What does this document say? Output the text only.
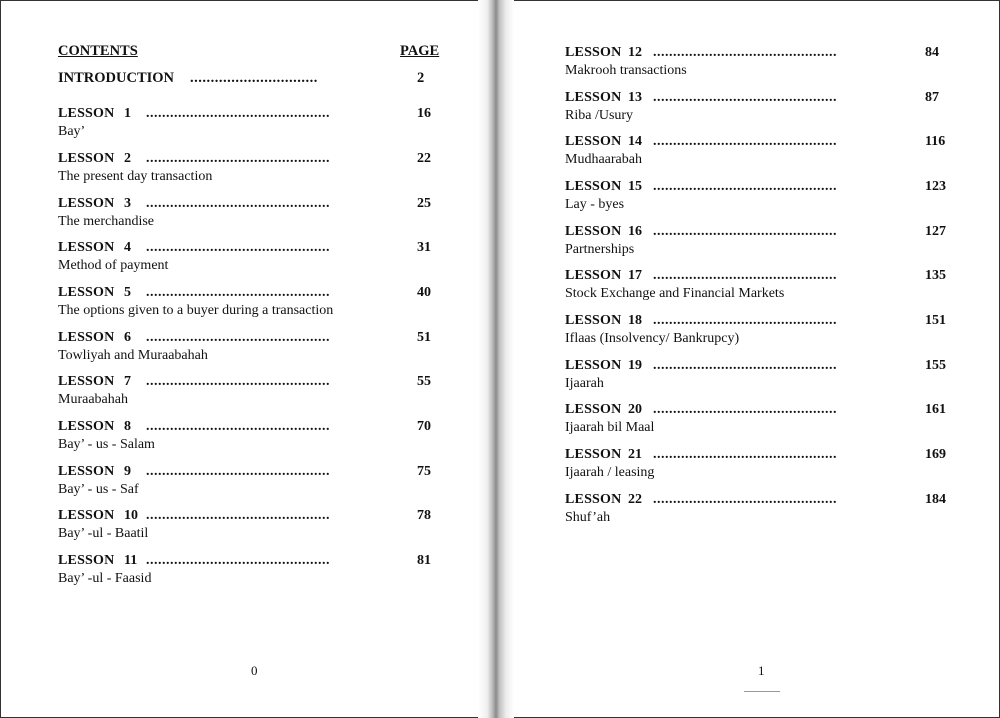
CONTENTS	PAGE
INTRODUCTION ...............................	2
LESSON 1 ..............................................	16
Bay’
LESSON 2 ..............................................	22
The present day transaction
LESSON 3 ..............................................	25
The merchandise
LESSON 4 ..............................................	31
Method of payment
LESSON 5 ..............................................	40
The options given to a buyer during a transaction
LESSON 6 ..............................................	51
Towliyah and Muraabahah
LESSON 7 ..............................................	55
Muraabahah
LESSON 8 ..............................................	70
Bay’ - us - Salam
LESSON 9 ..............................................	75
Bay’ - us - Saf
LESSON 10 ..............................................	78
Bay’ -ul - Baatil
LESSON 11 ..............................................	81
Bay’ -ul - Faasid
0
LESSON 12 ..............................................	84
Makrooh transactions
LESSON 13 ..............................................	87
Riba /Usury
LESSON 14 ..............................................	116
Mudhaarabah
LESSON 15 ..............................................	123
Lay - byes
LESSON 16 ..............................................	127
Partnerships
LESSON 17 ..............................................	135
Stock Exchange and Financial Markets
LESSON 18 ..............................................	151
Iflaas (Insolvency/ Bankrupcy)
LESSON 19 ..............................................	155
Ijaarah
LESSON 20 ..............................................	161
Ijaarah bil Maal
LESSON 21 ..............................................	169
Ijaarah / leasing
LESSON 22 ..............................................	184
Shuf’ah
1
